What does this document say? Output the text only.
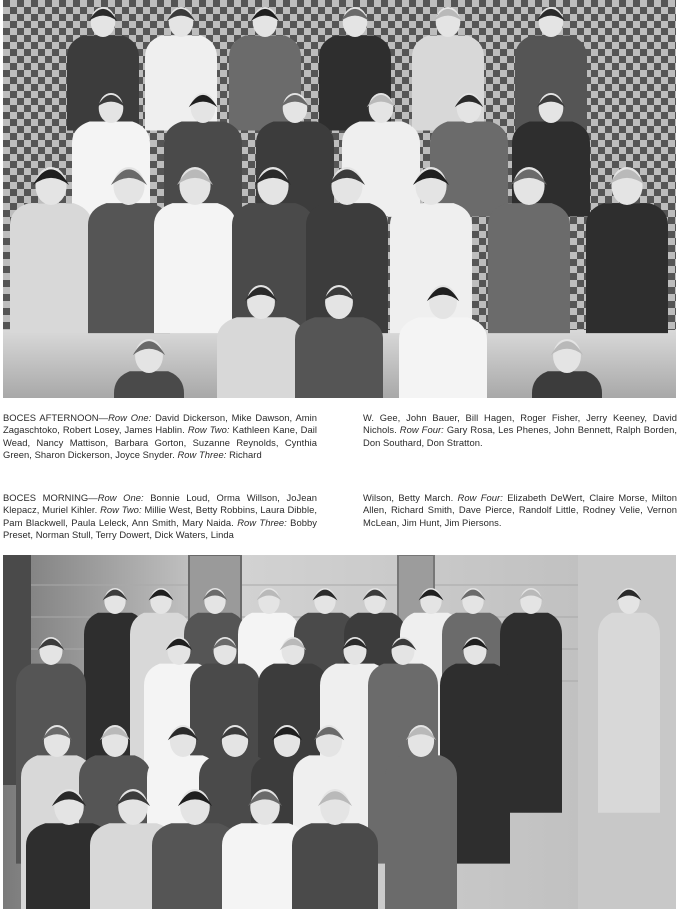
BOCES AFTERNOON—Row One: David Dickerson, Mike Dawson, Amin Zagaschtoko, Robert Losey, James Hablin. Row Two: Kathleen Kane, Dail Wead, Nancy Mattison, Barbara Gorton, Suzanne Reynolds, Cynthia Green, Sharon Dickerson, Joyce Snyder. Row Three: Richard
W. Gee, John Bauer, Bill Hagen, Roger Fisher, Jerry Keeney, David Nichols. Row Four: Gary Rosa, Les Phenes, John Bennett, Ralph Borden, Don Southard, Don Stratton.
BOCES MORNING—Row One: Bonnie Loud, Orma Willson, JoJean Klepacz, Muriel Kihler. Row Two: Millie West, Betty Robbins, Laura Dibble, Pam Blackwell, Paula Leleck, Ann Smith, Mary Naida. Row Three: Bobby Preset, Norman Stull, Terry Dowert, Dick Waters, Linda
Wilson, Betty March. Row Four: Elizabeth DeWert, Claire Morse, Milton Allen, Richard Smith, Dave Pierce, Randolf Little, Rodney Velie, Vernon McLean, Jim Hunt, Jim Piersons.
